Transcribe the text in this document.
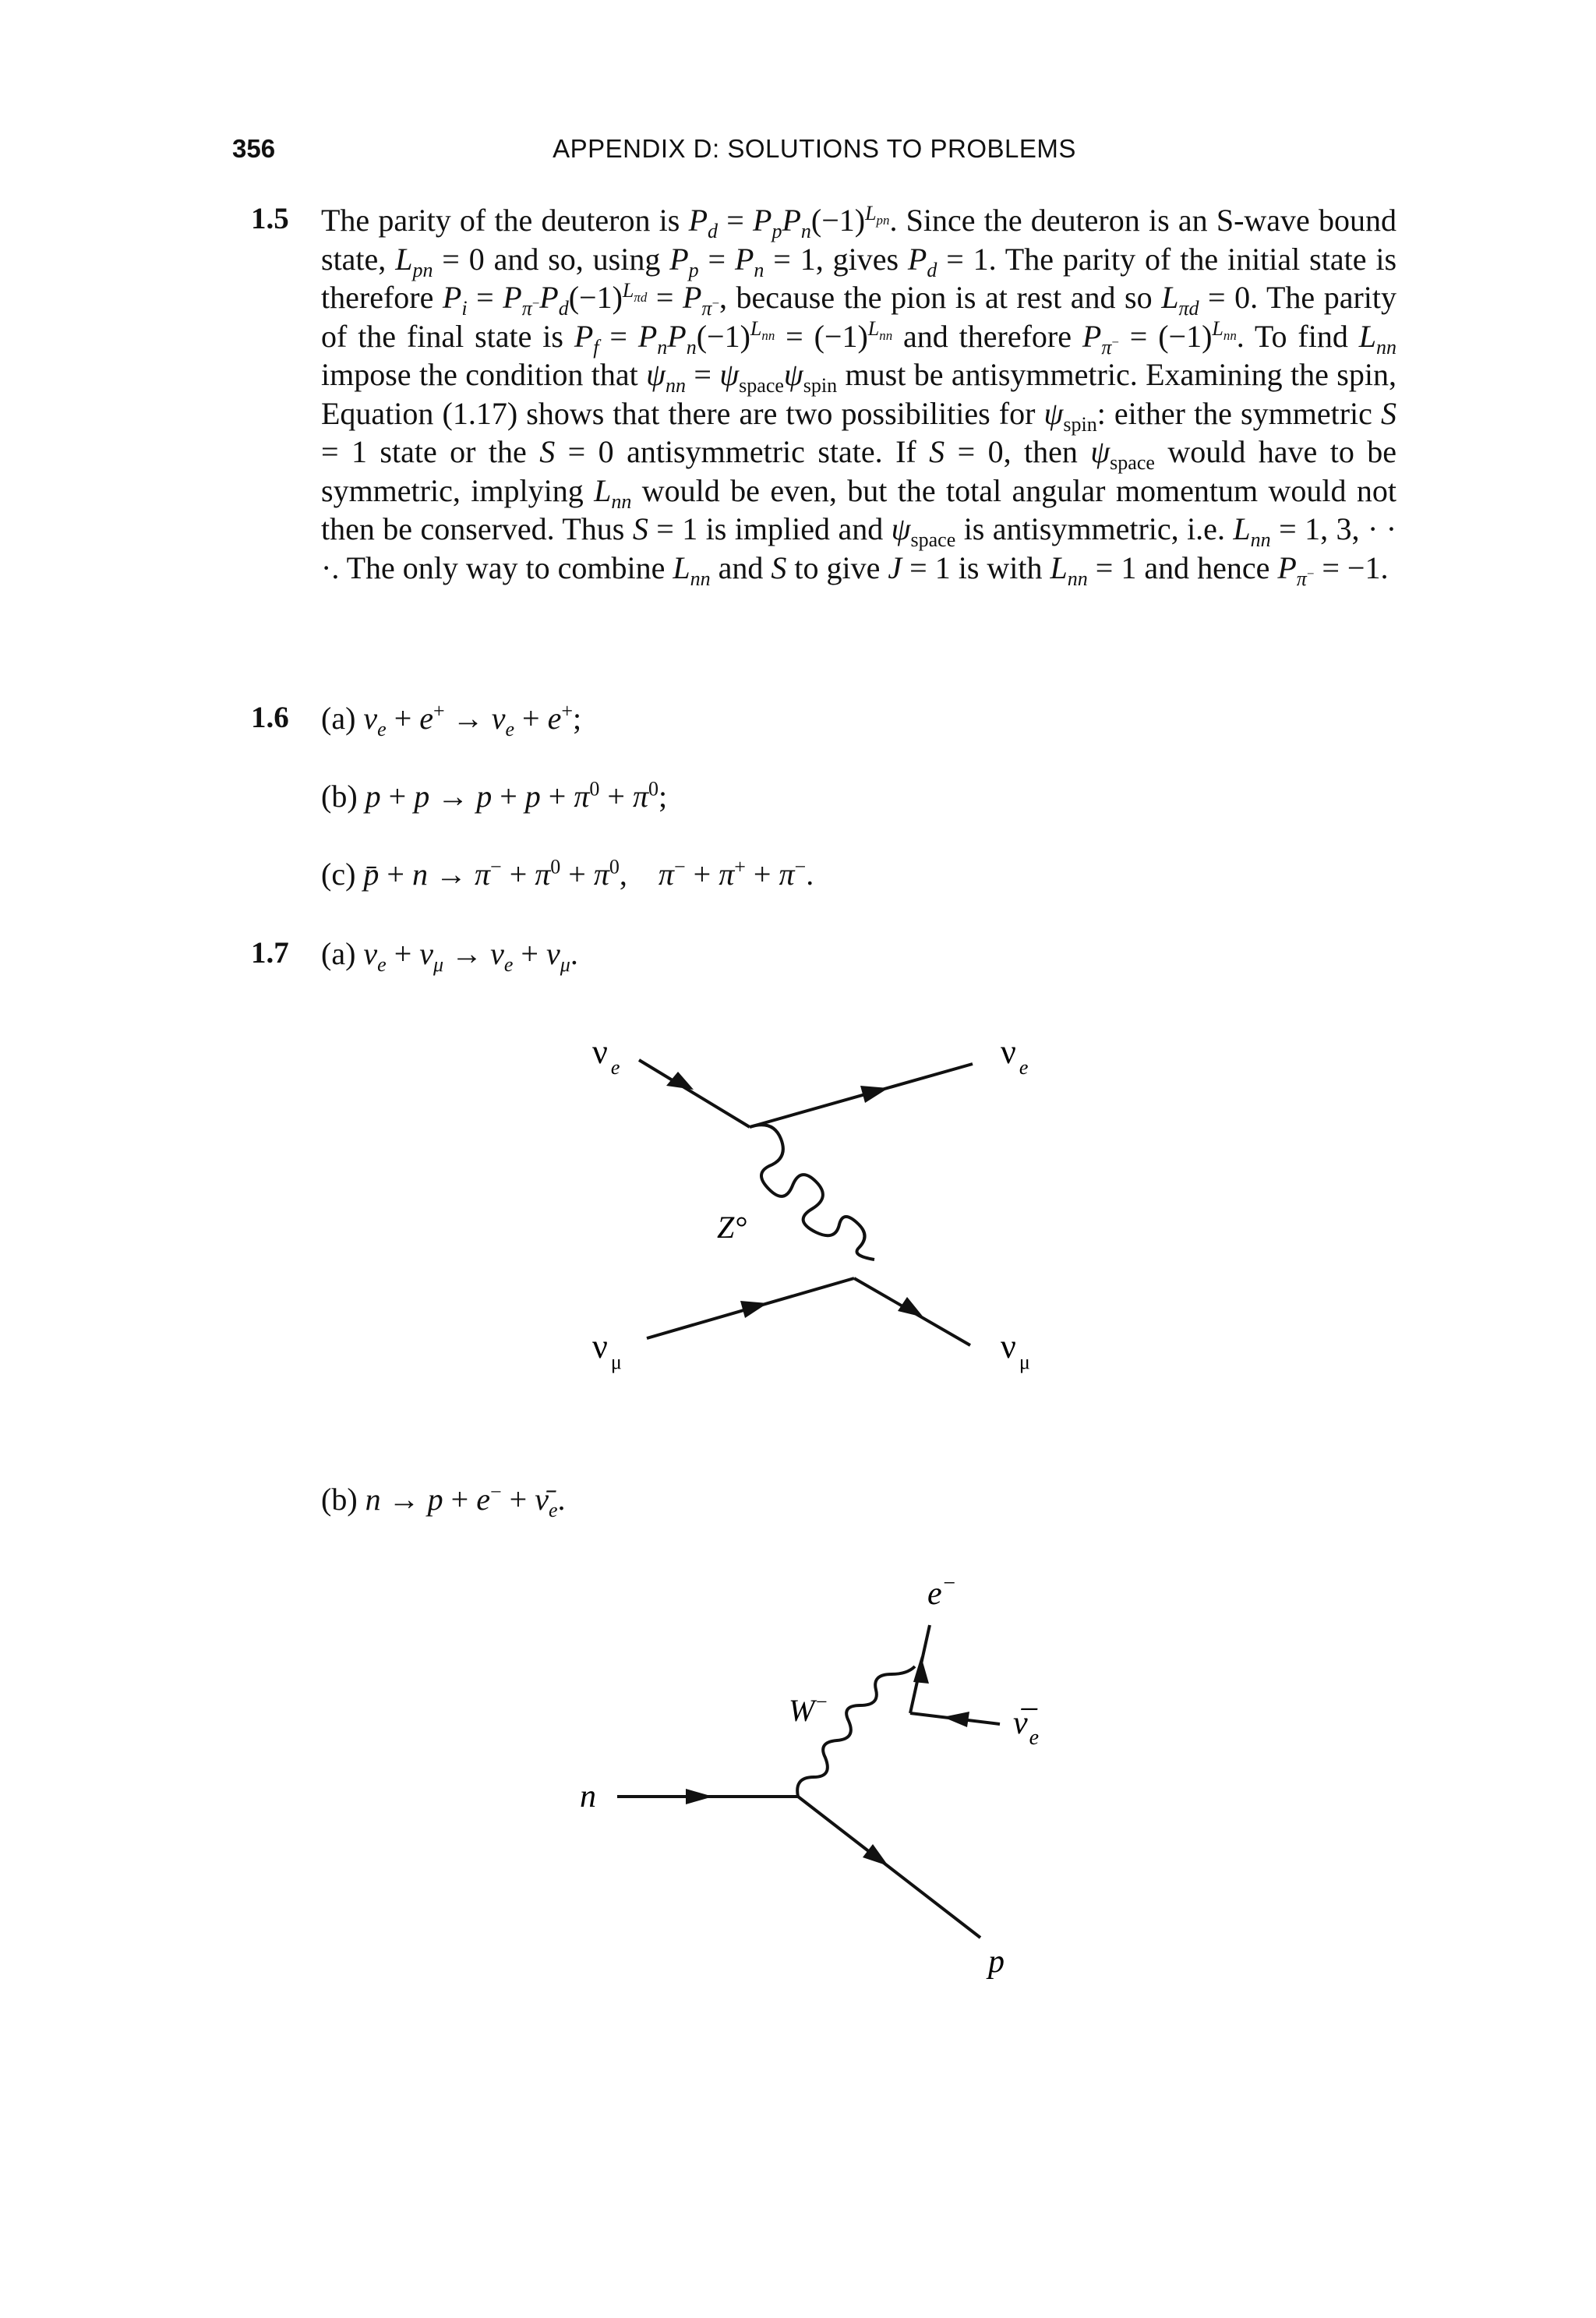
356	APPENDIX D: SOLUTIONS TO PROBLEMS
1.5 The parity of the deuteron is $P_d = P_pP_n(-1)^{L_{pn}}$. Since the deuteron is an S-wave bound state, $L_{pn} = 0$ and so, using $P_p = P_n = 1$, gives $P_d = 1$. The parity of the initial state is therefore $P_i = P_{\pi^-}P_d(-1)^{L_{\pi d}} = P_{\pi^-}$, because the pion is at rest and so $L_{\pi d} = 0$. The parity of the final state is $P_f = P_nP_n(-1)^{L_{nn}} = (-1)^{L_{nn}}$ and therefore $P_{\pi^-} = (-1)^{L_{nn}}$. To find $L_{nn}$ impose the condition that $\psi_{nn} = \psi_{space}\psi_{spin}$ must be antisymmetric. Examining the spin, Equation (1.17) shows that there are two possibilities for $\psi_{spin}$: either the symmetric S = 1 state or the S = 0 antisymmetric state. If S = 0, then $\psi_{space}$ would have to be symmetric, implying $L_{nn}$ would be even, but the total angular momentum would not then be conserved. Thus S = 1 is implied and $\psi_{space}$ is antisymmetric, i.e. $L_{nn} = 1$, 3, · · ·. The only way to combine $L_{nn}$ and S to give J = 1 is with $L_{nn} = 1$ and hence $P_{\pi^-} = -1$.
1.6 (a) $\nu_e + e^+ \to \nu_e + e^+$;
(b) $p + p \to p + p + \pi^0 + \pi^0$;
(c) p̄ + $n \to \pi^- + \pi^0 + \pi^0$,    π− + π+ + π−.
1.7 (a) $\nu_e + \nu_\mu \to \nu_e + \nu_\mu$.
(b) $n \to p + e^- + \nū_e$.
ν $_e$	ν $_e$
Z°
ν $_\mu$	ν $_\mu$
e−
W−
$\nu̅_e$
n
p
